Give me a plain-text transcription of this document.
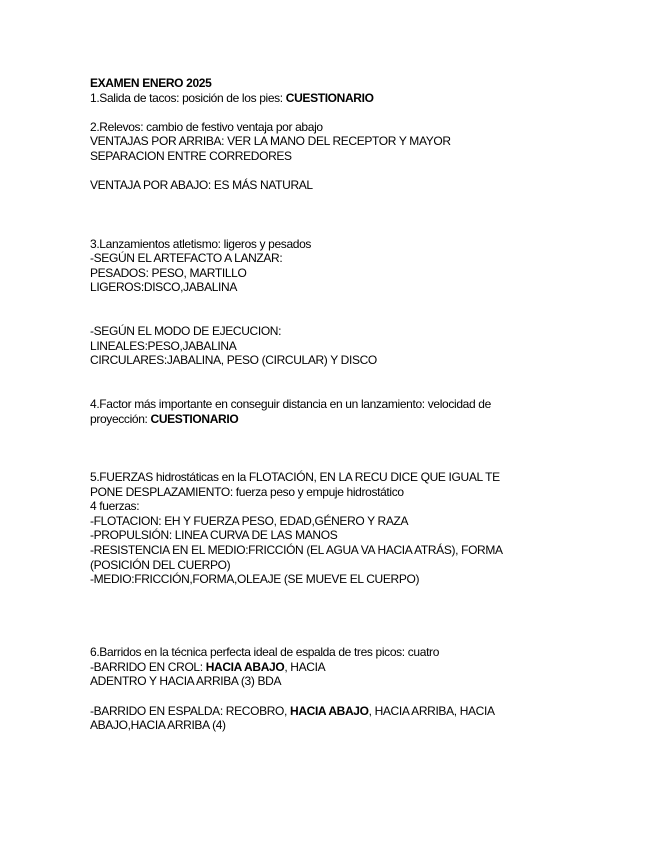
EXAMEN ENERO 2025
1.Salida de tacos: posición de los pies: CUESTIONARIO
2.Relevos: cambio de festivo ventaja por abajo
VENTAJAS POR ARRIBA: VER LA MANO DEL RECEPTOR Y MAYOR
SEPARACION ENTRE CORREDORES
VENTAJA POR ABAJO: ES MÁS NATURAL
3.Lanzamientos atletismo: ligeros y pesados
-SEGÚN EL ARTEFACTO A LANZAR:
PESADOS: PESO, MARTILLO
LIGEROS:DISCO,JABALINA
-SEGÚN EL MODO DE EJECUCION:
LINEALES:PESO,JABALINA
CIRCULARES:JABALINA, PESO (CIRCULAR) Y DISCO
4.Factor más importante en conseguir distancia en un lanzamiento: velocidad de
proyección: CUESTIONARIO
5.FUERZAS hidrostáticas en la FLOTACIÓN, EN LA RECU DICE QUE IGUAL TE
PONE DESPLAZAMIENTO: fuerza peso y empuje hidrostático
4 fuerzas:
-FLOTACION: EH Y FUERZA PESO, EDAD,GÉNERO Y RAZA
-PROPULSIÓN: LINEA CURVA DE LAS MANOS
-RESISTENCIA EN EL MEDIO:FRICCIÓN (EL AGUA VA HACIA ATRÁS), FORMA
(POSICIÓN DEL CUERPO)
-MEDIO:FRICCIÓN,FORMA,OLEAJE (SE MUEVE EL CUERPO)
6.Barridos en la técnica perfecta ideal de espalda de tres picos: cuatro
-BARRIDO EN CROL: HACIA ABAJO, HACIA
ADENTRO Y HACIA ARRIBA (3) BDA
-BARRIDO EN ESPALDA: RECOBRO, HACIA ABAJO, HACIA ARRIBA, HACIA
ABAJO,HACIA ARRIBA (4)
